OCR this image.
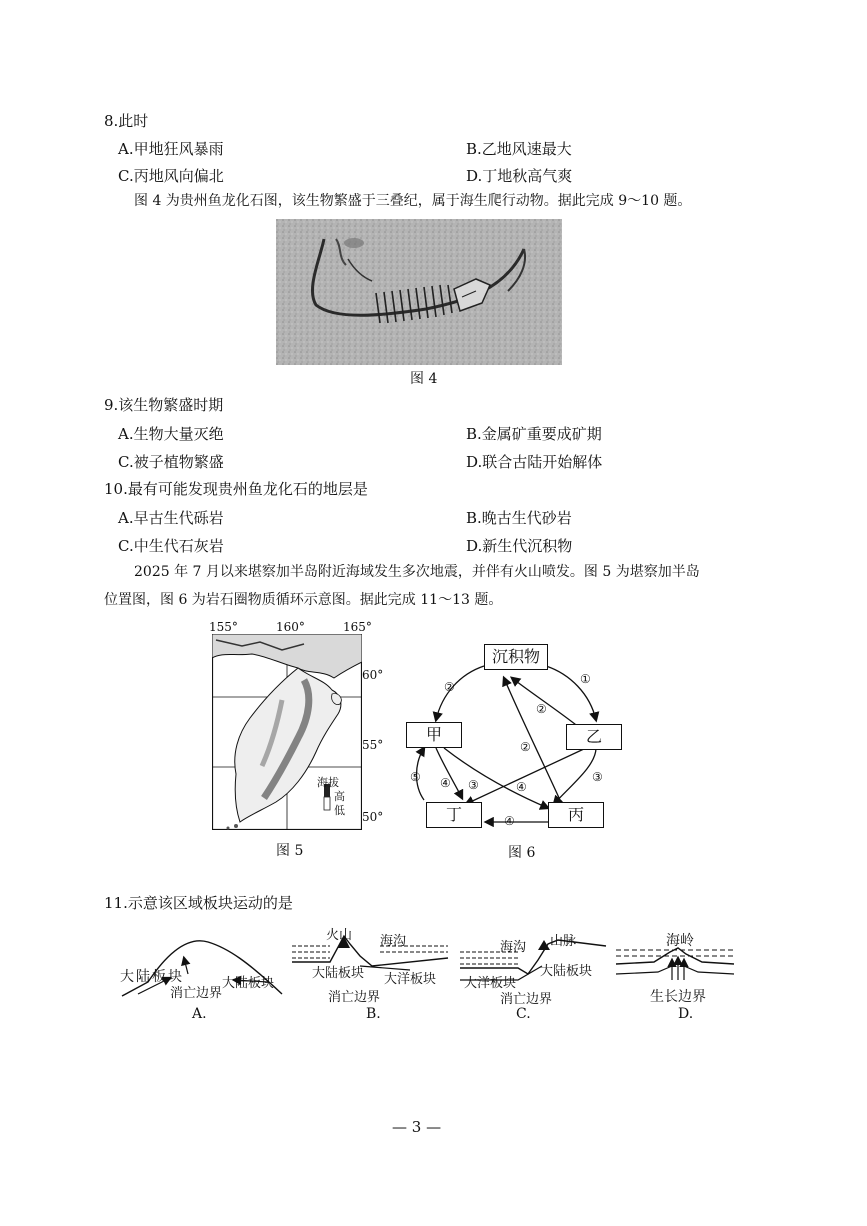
8.此时
A.甲地狂风暴雨	B.乙地风速最大
C.丙地风向偏北	D.丁地秋高气爽
图 4 为贵州鱼龙化石图，该生物繁盛于三叠纪，属于海生爬行动物。据此完成 9～10 题。
图 4
9.该生物繁盛时期
A.生物大量灭绝	B.金属矿重要成矿期
C.被子植物繁盛	D.联合古陆开始解体
10.最有可能发现贵州鱼龙化石的地层是
A.早古生代砾岩	B.晚古生代砂岩
C.中生代石灰岩	D.新生代沉积物
2025 年 7 月以来堪察加半岛附近海域发生多次地震，并伴有火山喷发。图 5 为堪察加半岛
位置图，图 6 为岩石圈物质循环示意图。据此完成 11～13 题。
155°	160°	165°
60°
55°
50°
海拔
高
低
图 5
沉积物
甲	乙
丁	丙
②
①
②
②
③
③
④
⑤ ④
④
图 6
11.示意该区域板块运动的是
大陆板块	大陆板块
消亡边界
A.
火山 海沟
大陆板块 大洋板块
消亡边界
B.
海沟 山脉
大洋板块
大陆板块
消亡边界
C.
海岭
生长边界
D.
— 3 —
